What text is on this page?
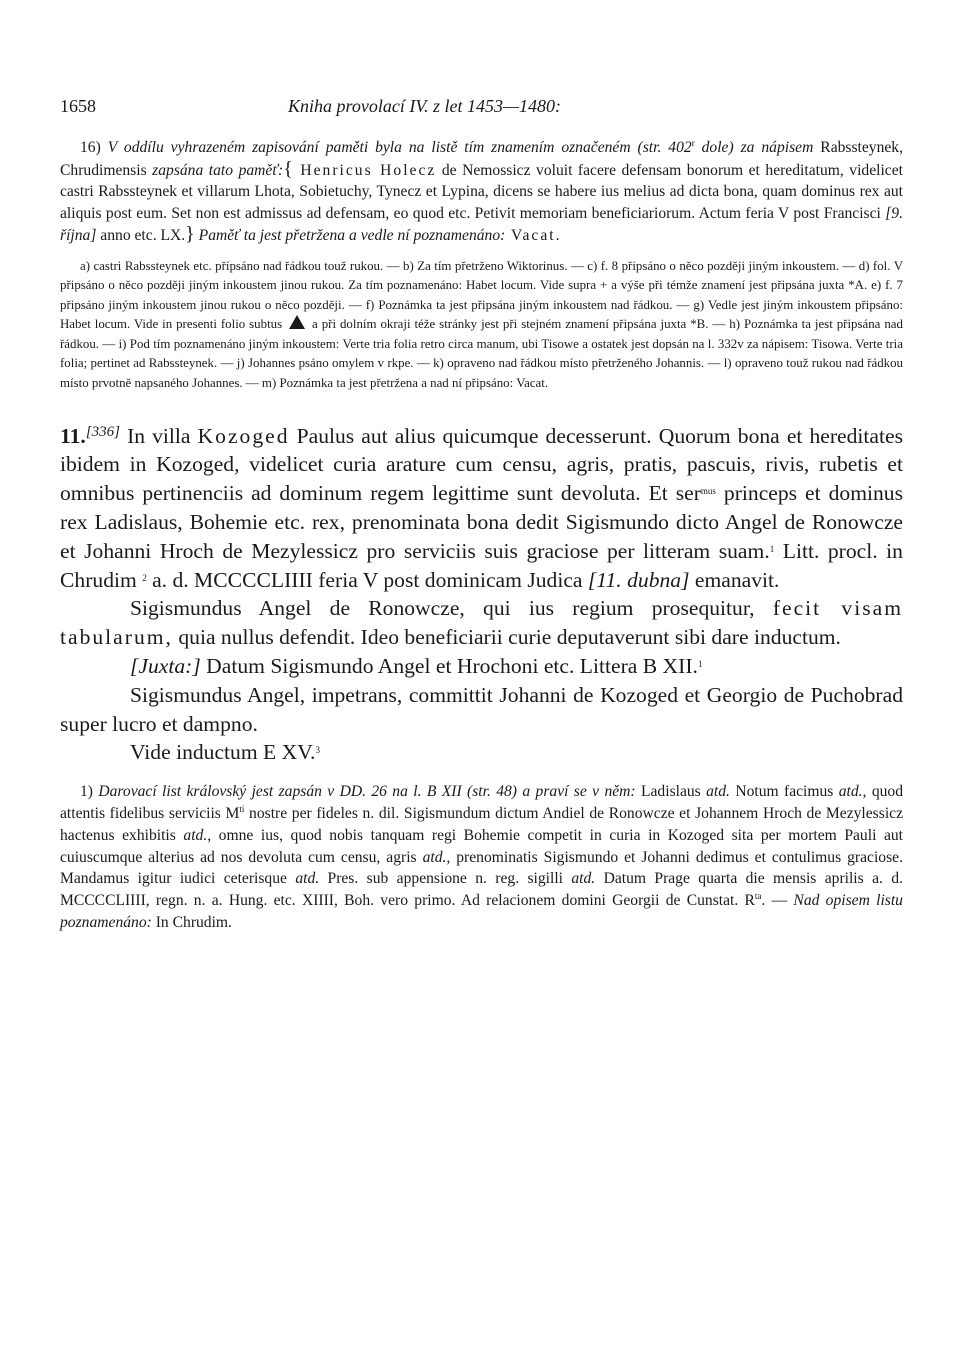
1658	Kniha provolací IV. z let 1453—1480:

16) V oddílu vyhrazeném zapisování paměti byla na listě tím znamením označeném (str. 402$^r$ dole) za nápisem Rabssteynek, Chrudimensis zapsána tato paměť:{ Henricus Holecz de Nemossicz voluit facere defensam bonorum et hereditatum, videlicet castri Rabssteynek et villarum Lhota, Sobietuchy, Tynecz et Lypina, dicens se habere ius melius ad dicta bona, quam dominus rex aut aliquis post eum. Set non est admissus ad defensam, eo quod etc. Petivit memoriam beneficiariorum. Actum feria V post Francisci [9. října] anno etc. LX.} Paměť ta jest přetržena a vedle ní poznamenáno: Vacat.

a) castri Rabssteynek etc. přípsáno nad řádkou touž rukou. — b) Za tím přetrženo Wiktorinus. — c) f. 8 připsáno o něco později jiným inkoustem. — d) fol. V připsáno o něco později jiným inkoustem jinou rukou. Za tím poznamenáno: Habet locum. Vide supra + a výše při témže znamení jest připsána juxta *A. e) f. 7 připsáno jiným inkoustem jinou rukou o něco později. — f) Poznámka ta jest připsána jiným inkoustem nad řádkou. — g) Vedle jest jiným inkoustem připsáno: Habet locum. Vide in presenti folio subtus a při dolním okraji téže stránky jest při stejném znamení připsána juxta *B. — h) Poznámka ta jest připsána nad řádkou. — i) Pod tím poznamenáno jiným inkoustem: Verte tria folia retro circa manum, ubi Tisowe a ostatek jest dopsán na l. 332v za nápisem: Tisowa. Verte tria folia; pertinet ad Rabssteynek. — j) Johannes psáno omylem v rkpe. — k) opraveno nad řádkou místo přetrženého Johannis. — l) opraveno touž rukou nad řádkou místo prvotně napsaného Johannes. — m) Poznámka ta jest přetržena a nad ní připsáno: Vacat.

11.[336] In villa Kozoged Paulus aut alius quicumque decesserunt. Quorum bona et hereditates ibidem in Kozoged, videlicet curia arature cum censu, agris, pratis, pascuis, rivis, rubetis et omnibus pertinenciis ad dominum regem legittime sunt devoluta. Et ser$^{mus}$ princeps et dominus rex Ladislaus, Bohemie etc. rex, prenominata bona dedit Sigismundo dicto Angel de Ronowcze et Johanni Hroch de Mezylessicz pro serviciis suis graciose per litteram suam.$^1$ Litt. procl. in Chrudim $^2$ a. d. MCCCCLIIII feria V post dominicam Judica [11. dubna] emanavit.

Sigismundus Angel de Ronowcze, qui ius regium prosequitur, fecit visam tabularum, quia nullus defendit. Ideo beneficiarii curie deputaverunt sibi dare inductum.

[Juxta:] Datum Sigismundo Angel et Hrochoni etc. Littera B XII.$^1$

Sigismundus Angel, impetrans, committit Johanni de Kozoged et Georgio de Puchobrad super lucro et dampno.

Vide inductum E XV.$^3$

1) Darovací list královský jest zapsán v DD. 26 na l. B XII (str. 48) a praví se v něm: Ladislaus atd. Notum facimus atd., quod attentis fidelibus serviciis $M^{ti}$ nostre per fideles n. dil. Sigismundum dictum Andiel de Ronowcze et Johannem Hroch de Mezylessicz hactenus exhibitis atd., omne ius, quod nobis tanquam regi Bohemie competit in curia in Kozoged sita per mortem Pauli aut cuiuscumque alterius ad nos devoluta cum censu, agris atd., prenominatis Sigismundo et Johanni dedimus et contulimus graciose. Mandamus igitur iudici ceterisque atd. Pres. sub appensione n. reg. sigilli atd. Datum Prage quarta die mensis aprilis a. d. MCCCCLIIII, regn. n. a. Hung. etc. XIIII, Boh. vero primo. Ad relacionem domini Georgii de Cunstat. $R^{ta}$. — Nad opisem listu poznamenáno: In Chrudim.
